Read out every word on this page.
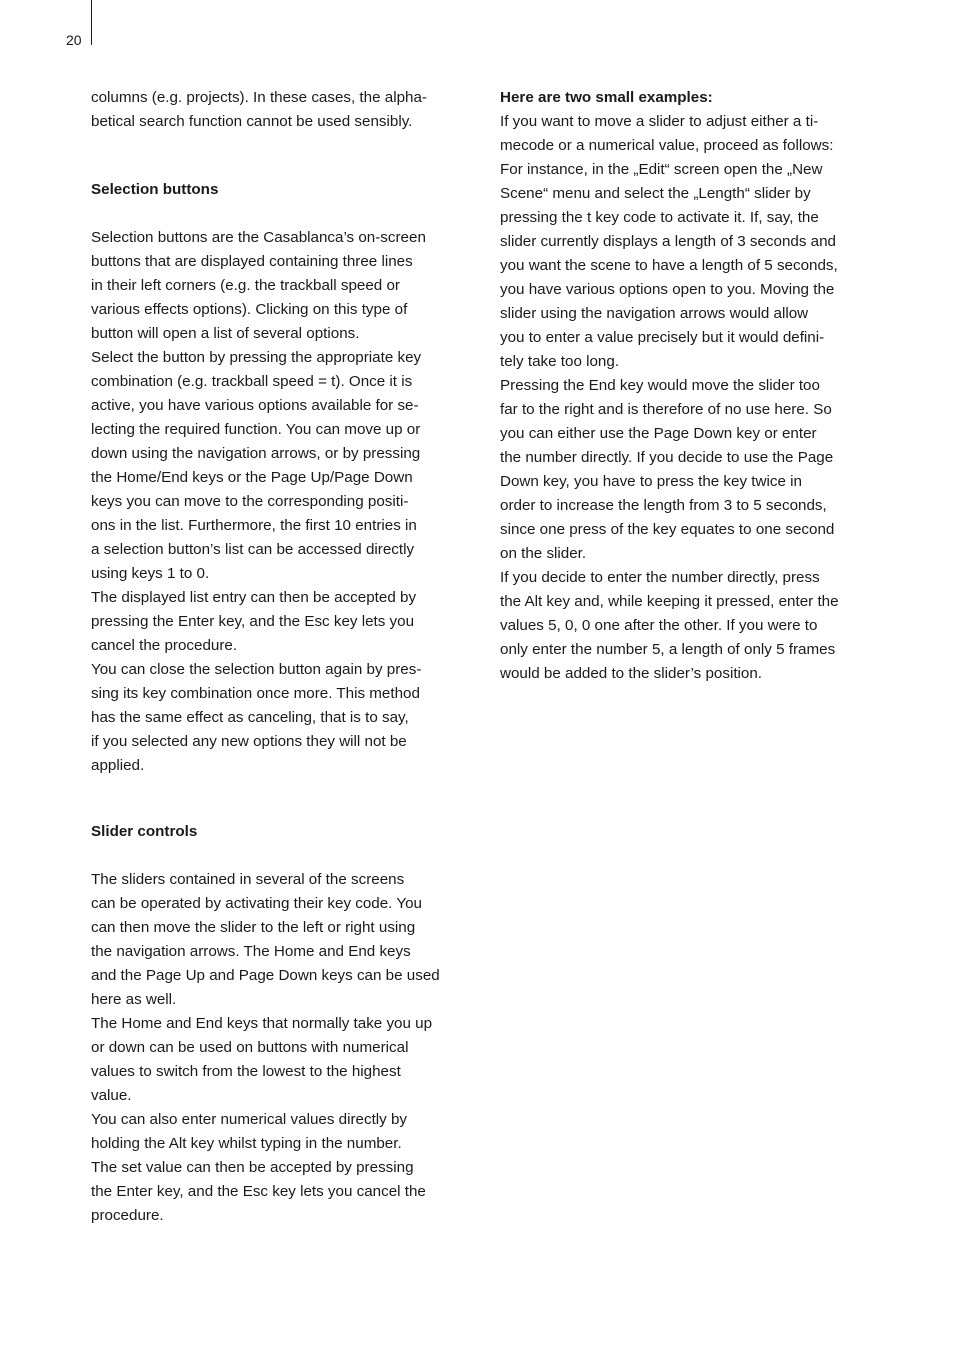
20

columns (e.g. projects). In these cases, the alpha-
betical search function cannot be used sensibly.

Selection buttons

Selection buttons are the Casablanca’s on-screen
buttons that are displayed containing three lines
in their left corners (e.g. the trackball speed or
various effects options). Clicking on this type of
button will open a list of several options.

Select the button by pressing the appropriate key
combination (e.g. trackball speed = t). Once it is
active, you have various options available for se-
lecting the required function. You can move up or
down using the navigation arrows, or by pressing
the Home/End keys or the Page Up/Page Down
keys you can move to the corresponding positi-
ons in the list. Furthermore, the first 10 entries in
a selection button’s list can be accessed directly
using keys 1 to 0.

The displayed list entry can then be accepted by
pressing the Enter key, and the Esc key lets you
cancel the procedure.

You can close the selection button again by pres-
sing its key combination once more. This method
has the same effect as canceling, that is to say,
if you selected any new options they will not be
applied.

Slider controls

The sliders contained in several of the screens
can be operated by activating their key code. You
can then move the slider to the left or right using
the navigation arrows. The Home and End keys
and the Page Up and Page Down keys can be used
here as well.

The Home and End keys that normally take you up
or down can be used on buttons with numerical
values to switch from the lowest to the highest
value.

You can also enter numerical values directly by
holding the Alt key whilst typing in the number.
The set value can then be accepted by pressing
the Enter key, and the Esc key lets you cancel the
procedure.

Here are two small examples:

If you want to move a slider to adjust either a ti-
mecode or a numerical value, proceed as follows:
For instance, in the „Edit“ screen open the „New
Scene“ menu and select the „Length“ slider by
pressing the t key code to activate it. If, say, the
slider currently displays a length of 3 seconds and
you want the scene to have a length of 5 seconds,
you have various options open to you. Moving the
slider using the navigation arrows would allow
you to enter a value precisely but it would defini-
tely take too long.

Pressing the End key would move the slider too
far to the right and is therefore of no use here. So
you can either use the Page Down key or enter
the number directly. If you decide to use the Page
Down key, you have to press the key twice in
order to increase the length from 3 to 5 seconds,
since one press of the key equates to one second
on the slider.

If you decide to enter the number directly, press
the Alt key and, while keeping it pressed, enter the
values 5, 0, 0 one after the other. If you were to
only enter the number 5, a length of only 5 frames
would be added to the slider’s position.
